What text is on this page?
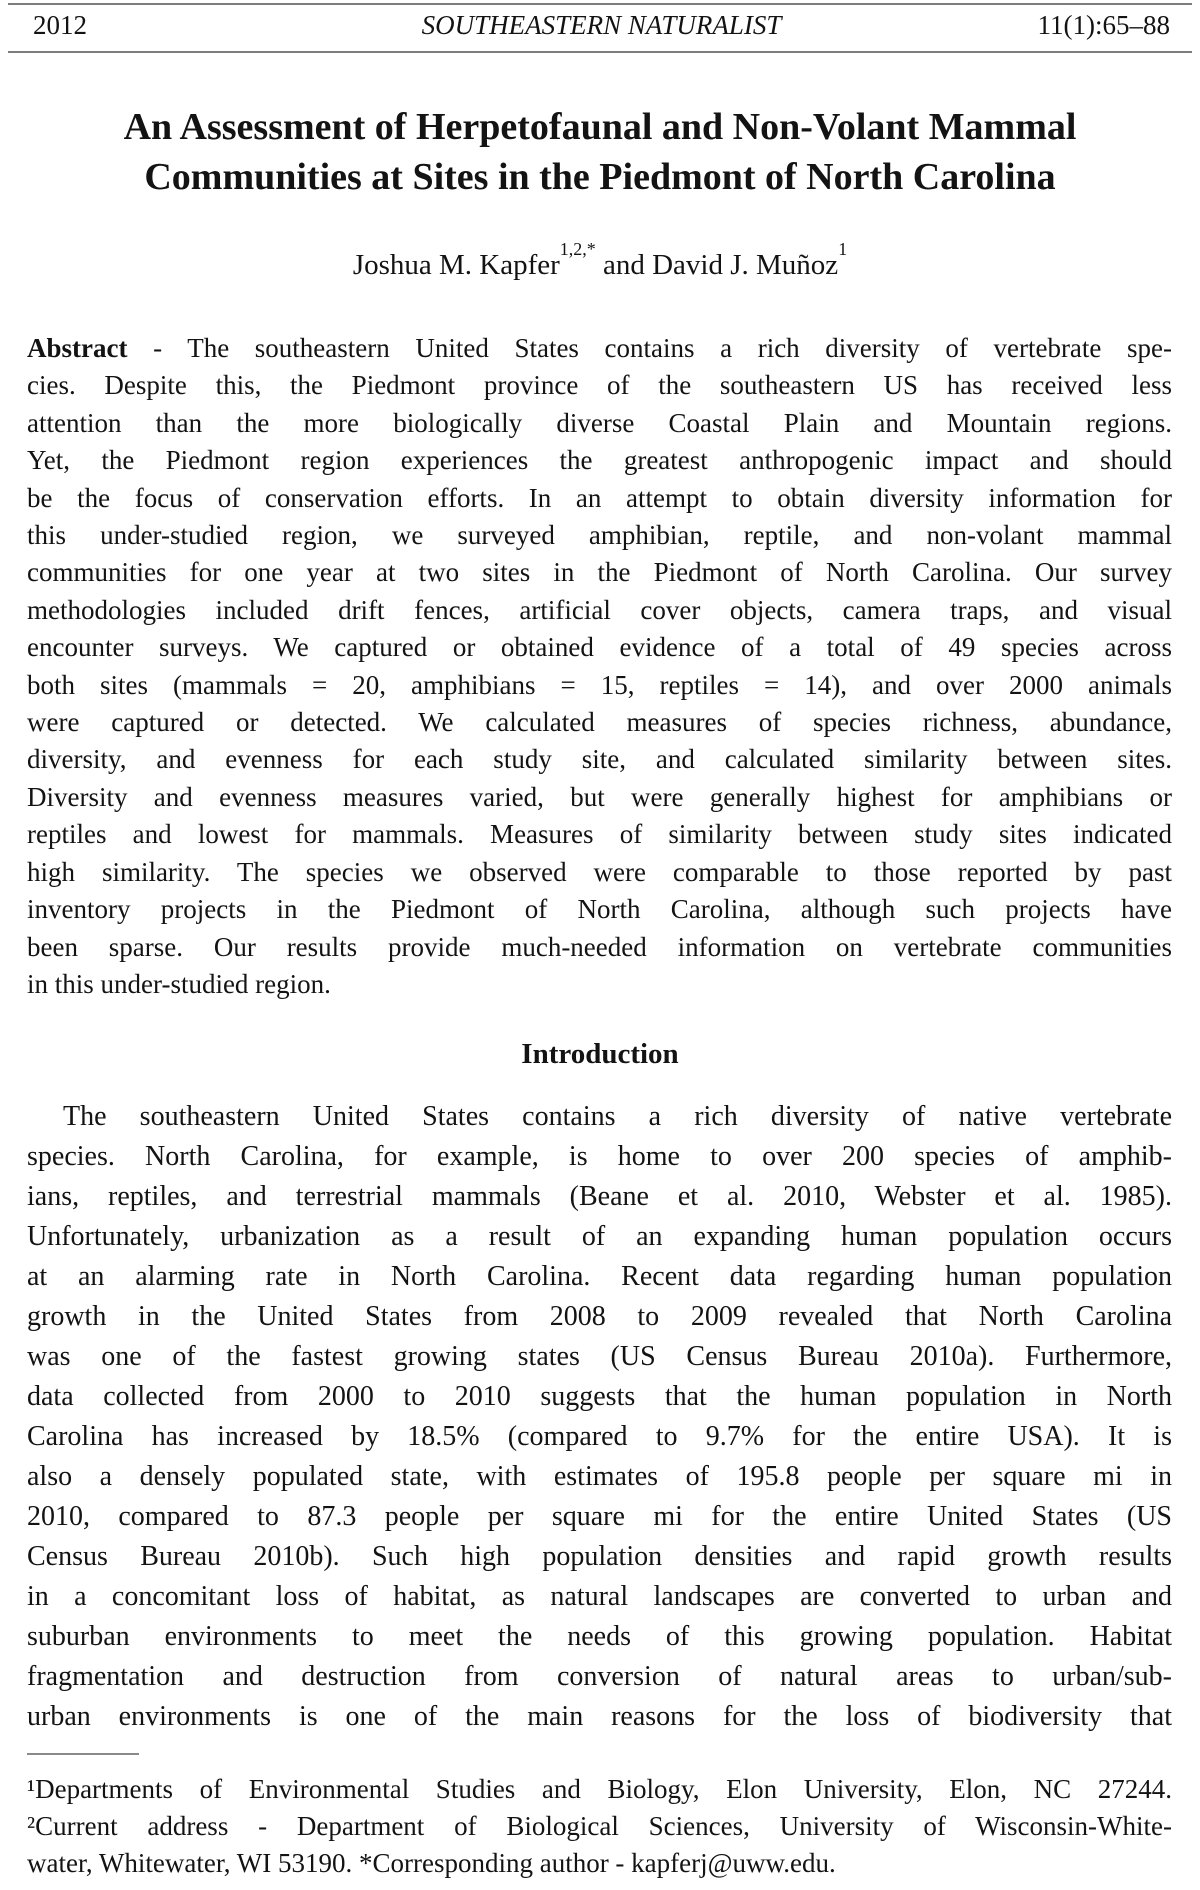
2012	SOUTHEASTERN NATURALIST	11(1):65–88
An Assessment of Herpetofaunal and Non-Volant Mammal
Communities at Sites in the Piedmont of North Carolina
Joshua M. Kapfer$^{1,2,*}$ and David J. Muñoz$^1$
Abstract - The southeastern United States contains a rich diversity of vertebrate spe-
cies. Despite this, the Piedmont province of the southeastern US has received less
attention than the more biologically diverse Coastal Plain and Mountain regions.
Yet, the Piedmont region experiences the greatest anthropogenic impact and should
be the focus of conservation efforts. In an attempt to obtain diversity information for
this under-studied region, we surveyed amphibian, reptile, and non-volant mammal
communities for one year at two sites in the Piedmont of North Carolina. Our survey
methodologies included drift fences, artificial cover objects, camera traps, and visual
encounter surveys. We captured or obtained evidence of a total of 49 species across
both sites (mammals = 20, amphibians = 15, reptiles = 14), and over 2000 animals
were captured or detected. We calculated measures of species richness, abundance,
diversity, and evenness for each study site, and calculated similarity between sites.
Diversity and evenness measures varied, but were generally highest for amphibians or
reptiles and lowest for mammals. Measures of similarity between study sites indicated
high similarity. The species we observed were comparable to those reported by past
inventory projects in the Piedmont of North Carolina, although such projects have
been sparse. Our results provide much-needed information on vertebrate communities
in this under-studied region.
Introduction
The southeastern United States contains a rich diversity of native vertebrate
species. North Carolina, for example, is home to over 200 species of amphib-
ians, reptiles, and terrestrial mammals (Beane et al. 2010, Webster et al. 1985).
Unfortunately, urbanization as a result of an expanding human population occurs
at an alarming rate in North Carolina. Recent data regarding human population
growth in the United States from 2008 to 2009 revealed that North Carolina
was one of the fastest growing states (US Census Bureau 2010a). Furthermore,
data collected from 2000 to 2010 suggests that the human population in North
Carolina has increased by 18.5% (compared to 9.7% for the entire USA). It is
also a densely populated state, with estimates of 195.8 people per square mi in
2010, compared to 87.3 people per square mi for the entire United States (US
Census Bureau 2010b). Such high population densities and rapid growth results
in a concomitant loss of habitat, as natural landscapes are converted to urban and
suburban environments to meet the needs of this growing population. Habitat
fragmentation and destruction from conversion of natural areas to urban/sub-
urban environments is one of the main reasons for the loss of biodiversity that
¹Departments of Environmental Studies and Biology, Elon University, Elon, NC 27244.
²Current address - Department of Biological Sciences, University of Wisconsin-White-
water, Whitewater, WI 53190. *Corresponding author - kapferj@uww.edu.
